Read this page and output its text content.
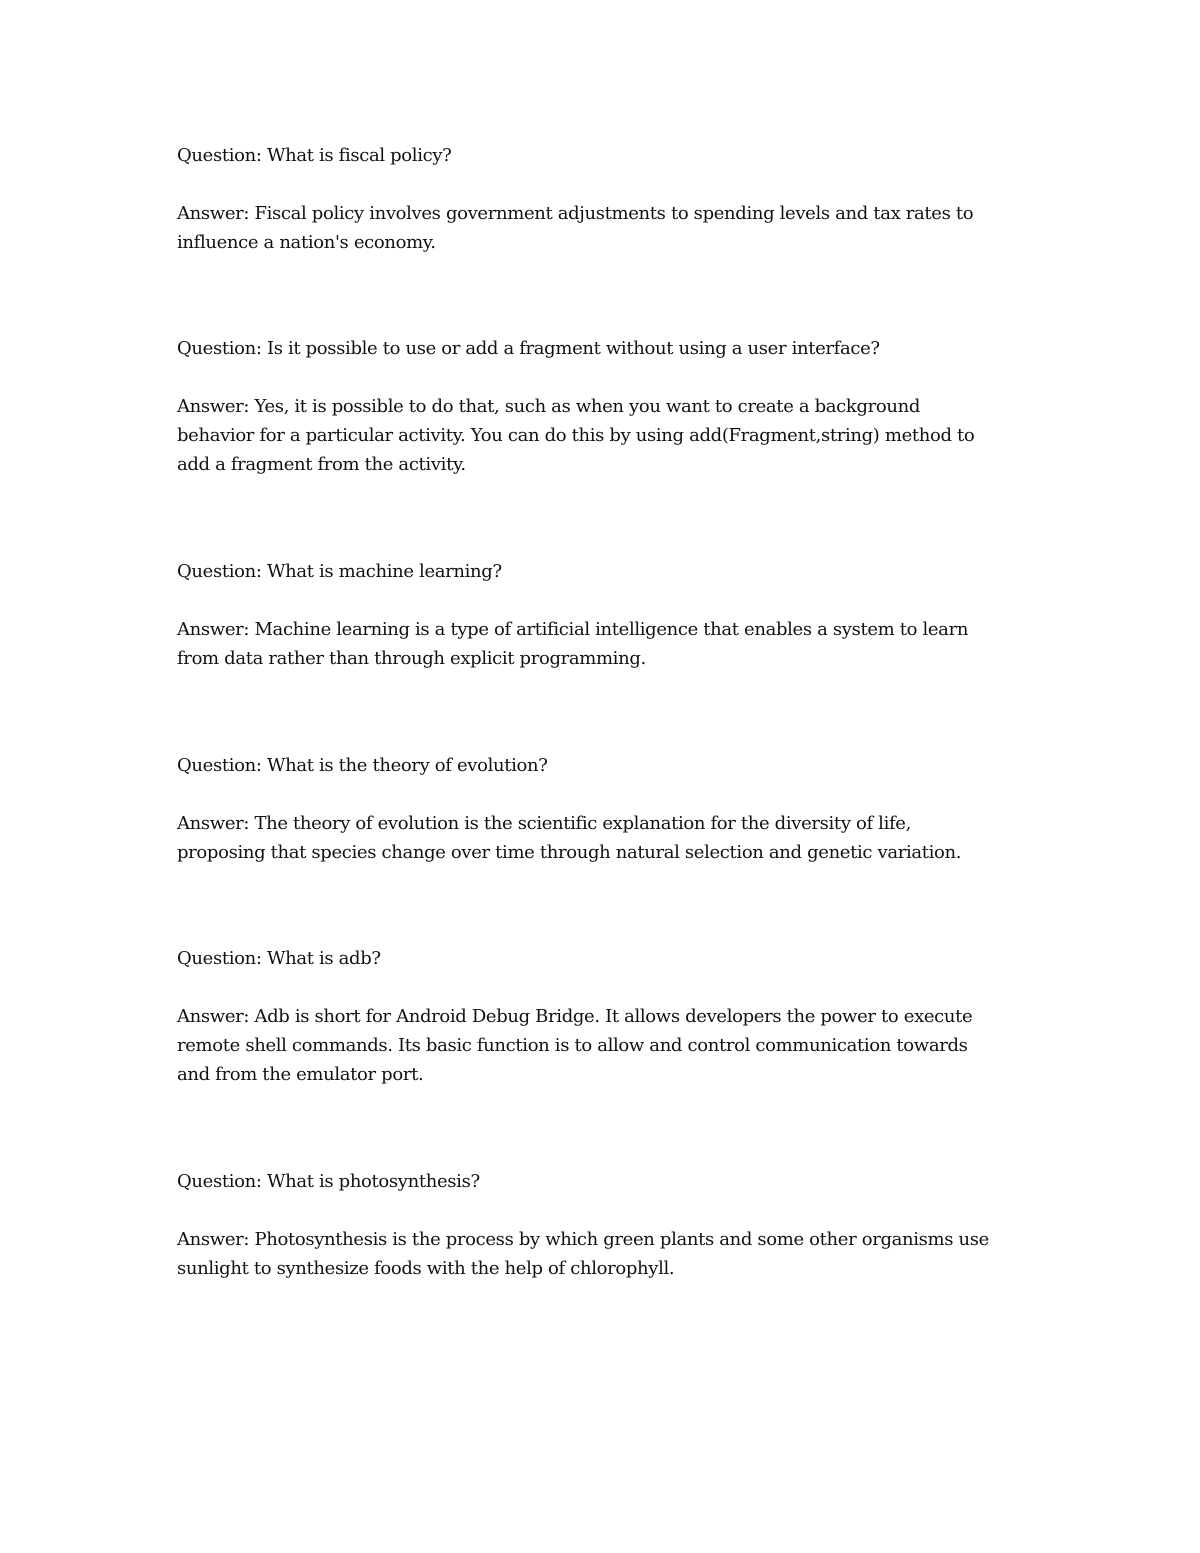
Question: What is fiscal policy?

Answer: Fiscal policy involves government adjustments to spending levels and tax rates to

influence a nation's economy.

Question: Is it possible to use or add a fragment without using a user interface?

Answer: Yes, it is possible to do that, such as when you want to create a background

behavior for a particular activity. You can do this by using add(Fragment,string) method to

add a fragment from the activity.

Question: What is machine learning?

Answer: Machine learning is a type of artificial intelligence that enables a system to learn

from data rather than through explicit programming.

Question: What is the theory of evolution?

Answer: The theory of evolution is the scientific explanation for the diversity of life,

proposing that species change over time through natural selection and genetic variation.

Question: What is adb?

Answer: Adb is short for Android Debug Bridge. It allows developers the power to execute

remote shell commands. Its basic function is to allow and control communication towards

and from the emulator port.

Question: What is photosynthesis?

Answer: Photosynthesis is the process by which green plants and some other organisms use

sunlight to synthesize foods with the help of chlorophyll.
